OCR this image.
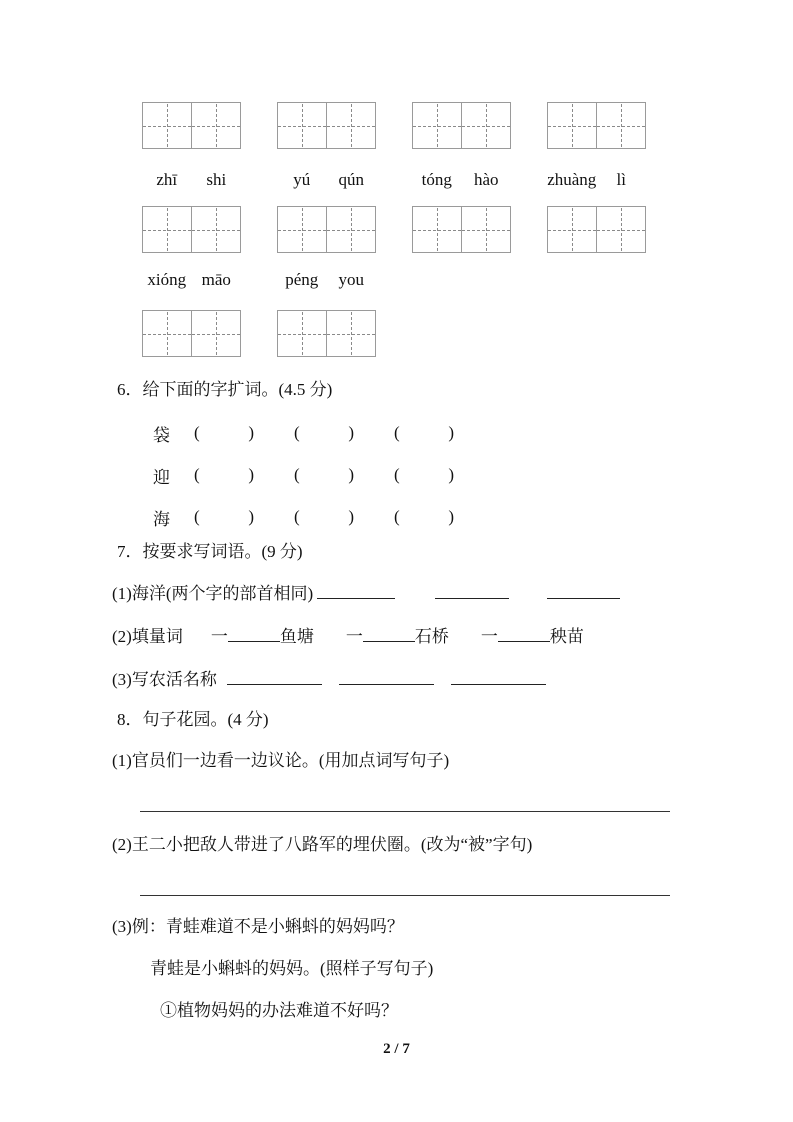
zhī	shi	yú	qún	tóng	hào	zhuàng	lì
xióng māo	péng	you
6．给下面的字扩词。(4.5 分)
袋 (	) (	) (	)
迎 (	) (	) (	)
海 (	) (	) (	)
7．按要求写词语。(9 分)
(1)海洋(两个字的部首相同)
(2)填量词 一	鱼塘 一	石桥 一	秧苗
(3)写农活名称
8．句子花园。(4 分)
(1)官员们一边看一边议论。(用加点词写句子)
(2)王二小把敌人带进了八路军的埋伏圈。(改为“被”字句)
(3)例：青蛙难道不是小蝌蚪的妈妈吗？
青蛙是小蝌蚪的妈妈。(照样子写句子)
①植物妈妈的办法难道不好吗？
2 / 7
